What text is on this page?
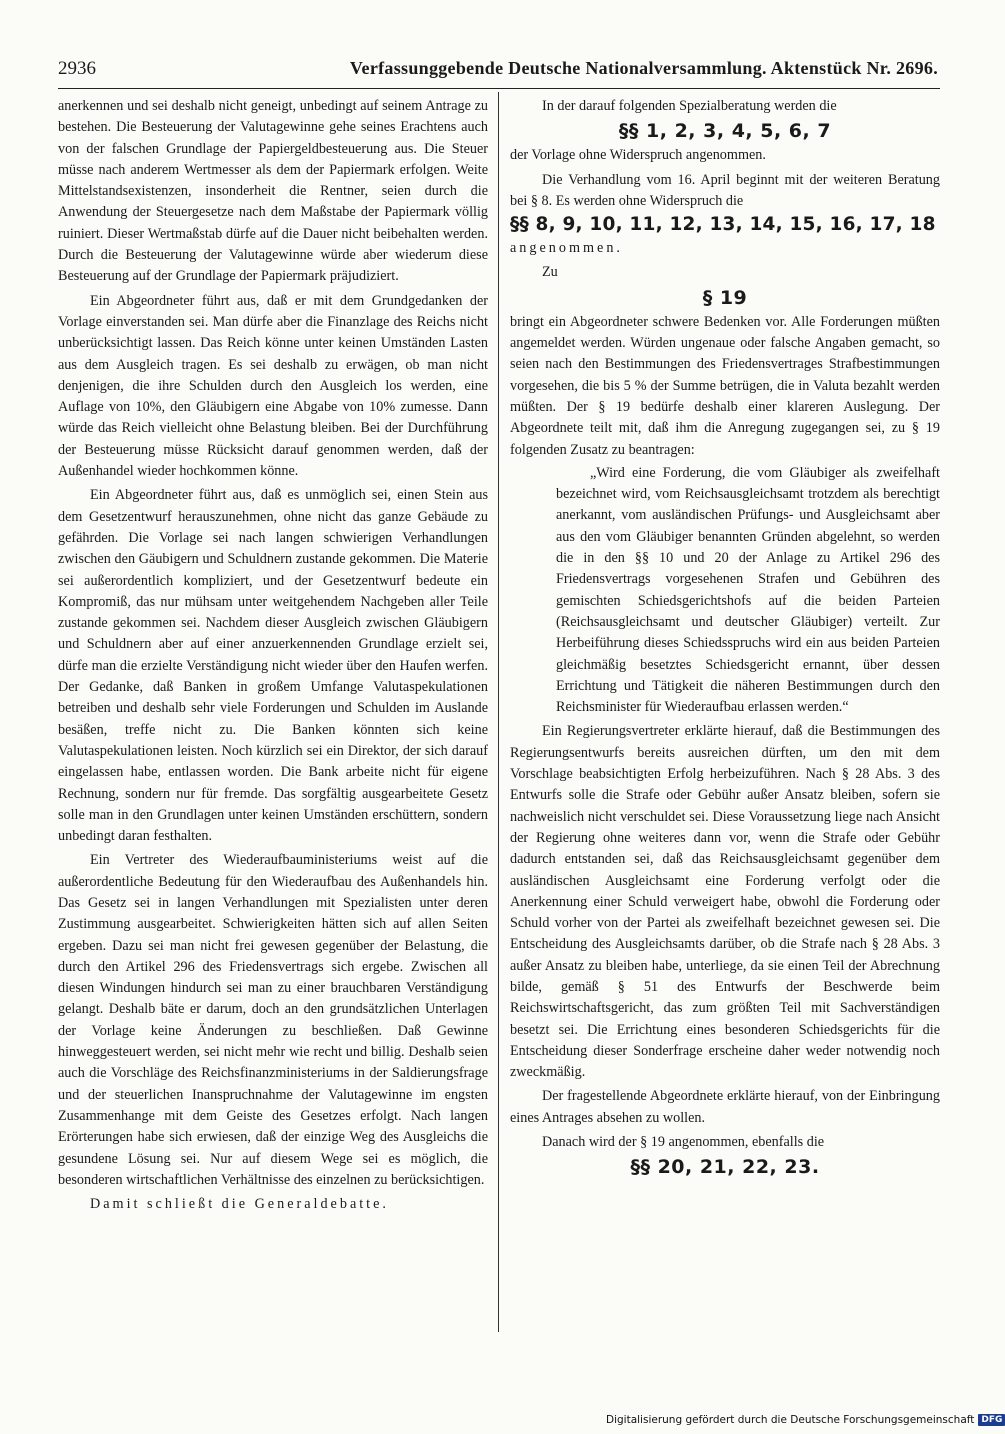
2936	Verfassunggebende Deutsche Nationalversammlung. Aktenstück Nr. 2696.

anerkennen und sei deshalb nicht geneigt, unbedingt auf seinem Antrage zu bestehen. Die Besteuerung der Valutagewinne gehe seines Erachtens auch von der falschen Grundlage der Papiergeldbesteuerung aus. Die Steuer müsse nach anderem Wertmesser als dem der Papiermark erfolgen. Weite Mittelstandsexistenzen, insonderheit die Rentner, seien durch die Anwendung der Steuergesetze nach dem Maßstabe der Papiermark völlig ruiniert. Dieser Wertmaßstab dürfe auf die Dauer nicht beibehalten werden. Durch die Besteuerung der Valutagewinne würde aber wiederum diese Besteuerung auf der Grundlage der Papiermark präjudiziert.

Ein Abgeordneter führt aus, daß er mit dem Grundgedanken der Vorlage einverstanden sei. Man dürfe aber die Finanzlage des Reichs nicht unberücksichtigt lassen. Das Reich könne unter keinen Umständen Lasten aus dem Ausgleich tragen. Es sei deshalb zu erwägen, ob man nicht denjenigen, die ihre Schulden durch den Ausgleich los werden, eine Auflage von 10%, den Gläubigern eine Abgabe von 10% zumesse. Dann würde das Reich vielleicht ohne Belastung bleiben. Bei der Durchführung der Besteuerung müsse Rücksicht darauf genommen werden, daß der Außenhandel wieder hochkommen könne.

Ein Abgeordneter führt aus, daß es unmöglich sei, einen Stein aus dem Gesetzentwurf herauszunehmen, ohne nicht das ganze Gebäude zu gefährden. Die Vorlage sei nach langen schwierigen Verhandlungen zwischen den Gäubigern und Schuldnern zustande gekommen. Die Materie sei außerordentlich kompliziert, und der Gesetzentwurf bedeute ein Kompromiß, das nur mühsam unter weitgehendem Nachgeben aller Teile zustande gekommen sei. Nachdem dieser Ausgleich zwischen Gläubigern und Schuldnern aber auf einer anzuerkennenden Grundlage erzielt sei, dürfe man die erzielte Verständigung nicht wieder über den Haufen werfen. Der Gedanke, daß Banken in großem Umfange Valutaspekulationen betreiben und deshalb sehr viele Forderungen und Schulden im Auslande besäßen, treffe nicht zu. Die Banken könnten sich keine Valutaspekulationen leisten. Noch kürzlich sei ein Direktor, der sich darauf eingelassen habe, entlassen worden. Die Bank arbeite nicht für eigene Rechnung, sondern nur für fremde. Das sorgfältig ausgearbeitete Gesetz solle man in den Grundlagen unter keinen Umständen erschüttern, sondern unbedingt daran festhalten.

Ein Vertreter des Wiederaufbauministeriums weist auf die außerordentliche Bedeutung für den Wiederaufbau des Außenhandels hin. Das Gesetz sei in langen Verhandlungen mit Spezialisten unter deren Zustimmung ausgearbeitet. Schwierigkeiten hätten sich auf allen Seiten ergeben. Dazu sei man nicht frei gewesen gegenüber der Belastung, die durch den Artikel 296 des Friedensvertrags sich ergebe. Zwischen all diesen Windungen hindurch sei man zu einer brauchbaren Verständigung gelangt. Deshalb bäte er darum, doch an den grundsätzlichen Unterlagen der Vorlage keine Änderungen zu beschließen. Daß Gewinne hinweggesteuert werden, sei nicht mehr wie recht und billig. Deshalb seien auch die Vorschläge des Reichsfinanzministeriums in der Saldierungsfrage und der steuerlichen Inanspruchnahme der Valutagewinne im engsten Zusammenhange mit dem Geiste des Gesetzes erfolgt. Nach langen Erörterungen habe sich erwiesen, daß der einzige Weg des Ausgleichs die gesundene Lösung sei. Nur auf diesem Wege sei es möglich, die besonderen wirtschaftlichen Verhältnisse des einzelnen zu berücksichtigen.

Damit schließt die Generaldebatte.

In der darauf folgenden Spezialberatung werden die

§§ 1, 2, 3, 4, 5, 6, 7

der Vorlage ohne Widerspruch angenommen.

Die Verhandlung vom 16. April beginnt mit der weiteren Beratung bei § 8. Es werden ohne Widerspruch die

§§ 8, 9, 10, 11, 12, 13, 14, 15, 16, 17, 18

angenommen.

Zu

§ 19

bringt ein Abgeordneter schwere Bedenken vor. Alle Forderungen müßten angemeldet werden. Würden ungenaue oder falsche Angaben gemacht, so seien nach den Bestimmungen des Friedensvertrages Strafbestimmungen vorgesehen, die bis 5 % der Summe betrügen, die in Valuta bezahlt werden müßten. Der § 19 bedürfe deshalb einer klareren Auslegung. Der Abgeordnete teilt mit, daß ihm die Anregung zugegangen sei, zu § 19 folgenden Zusatz zu beantragen:

„Wird eine Forderung, die vom Gläubiger als zweifelhaft bezeichnet wird, vom Reichsausgleichsamt trotzdem als berechtigt anerkannt, vom ausländischen Prüfungs- und Ausgleichsamt aber aus den vom Gläubiger benannten Gründen abgelehnt, so werden die in den §§ 10 und 20 der Anlage zu Artikel 296 des Friedensvertrags vorgesehenen Strafen und Gebühren des gemischten Schiedsgerichtshofs auf die beiden Parteien (Reichsausgleichsamt und deutscher Gläubiger) verteilt. Zur Herbeiführung dieses Schiedsspruchs wird ein aus beiden Parteien gleichmäßig besetztes Schiedsgericht ernannt, über dessen Errichtung und Tätigkeit die näheren Bestimmungen durch den Reichsminister für Wiederaufbau erlassen werden.“

Ein Regierungsvertreter erklärte hierauf, daß die Bestimmungen des Regierungsentwurfs bereits ausreichen dürften, um den mit dem Vorschlage beabsichtigten Erfolg herbeizuführen. Nach § 28 Abs. 3 des Entwurfs solle die Strafe oder Gebühr außer Ansatz bleiben, sofern sie nachweislich nicht verschuldet sei. Diese Voraussetzung liege nach Ansicht der Regierung ohne weiteres dann vor, wenn die Strafe oder Gebühr dadurch entstanden sei, daß das Reichsausgleichsamt gegenüber dem ausländischen Ausgleichsamt eine Forderung verfolgt oder die Anerkennung einer Schuld verweigert habe, obwohl die Forderung oder Schuld vorher von der Partei als zweifelhaft bezeichnet gewesen sei. Die Entscheidung des Ausgleichsamts darüber, ob die Strafe nach § 28 Abs. 3 außer Ansatz zu bleiben habe, unterliege, da sie einen Teil der Abrechnung bilde, gemäß § 51 des Entwurfs der Beschwerde beim Reichswirtschaftsgericht, das zum größten Teil mit Sachverständigen besetzt sei. Die Errichtung eines besonderen Schiedsgerichts für die Entscheidung dieser Sonderfrage erscheine daher weder notwendig noch zweckmäßig.

Der fragestellende Abgeordnete erklärte hierauf, von der Einbringung eines Antrages absehen zu wollen.

Danach wird der § 19 angenommen, ebenfalls die

§§ 20, 21, 22, 23.

Digitalisierung gefördert durch die Deutsche Forschungsgemeinschaft DFG
